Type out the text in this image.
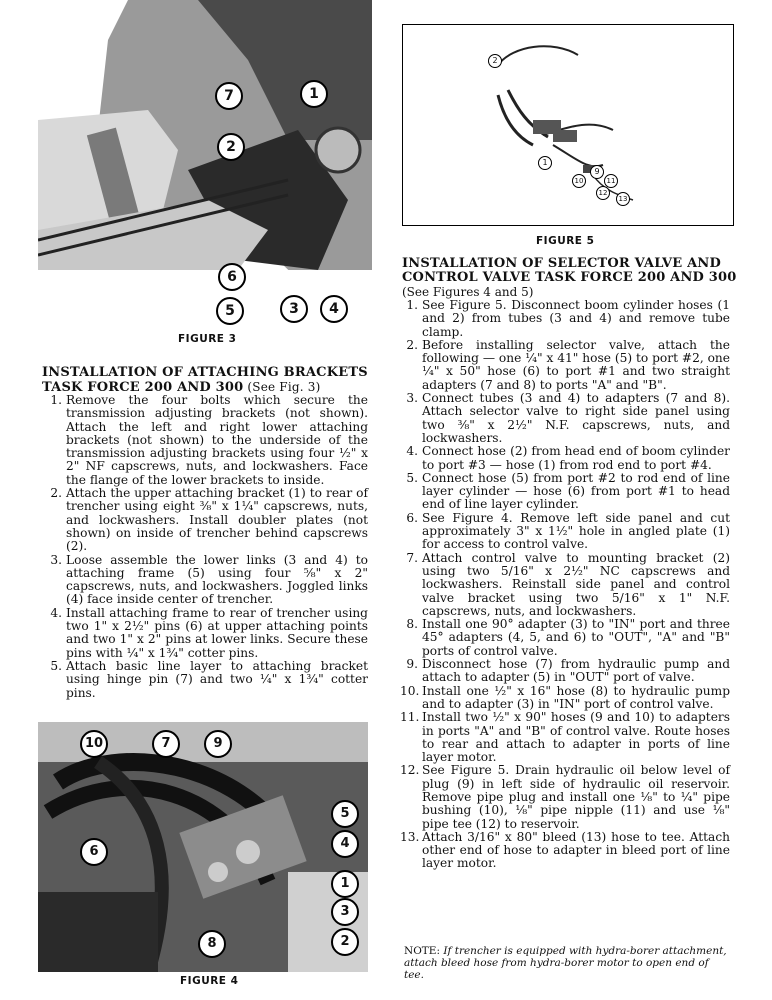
7	1
2
6
5	3	4
FIGURE 3
INSTALLATION OF ATTACHING BRACKETS
TASK FORCE 200 AND 300 (See Fig. 3)
1. Remove the four bolts which secure the transmission adjusting brackets (not shown). Attach the left and right lower attaching brackets (not shown) to the underside of the transmission adjusting brackets using four ½" x 2" NF capscrews, nuts, and lockwashers. Face the flange of the lower brackets to inside.
2. Attach the upper attaching bracket (1) to rear of trencher using eight ⅜" x 1¼" capscrews, nuts, and lockwashers. Install doubler plates (not shown) on inside of trencher behind capscrews (2).
3. Loose assemble the lower links (3 and 4) to attaching frame (5) using four ⅝" x 2" capscrews, nuts, and lockwashers. Joggled links (4) face inside center of trencher.
4. Install attaching frame to rear of trencher using two 1" x 2½" pins (6) at upper attaching points and two 1" x 2" pins at lower links. Secure these pins with ¼" x 1¾" cotter pins.
5. Attach basic line layer to attaching bracket using hinge pin (7) and two ¼" x 1¾" cotter pins.
10	7	9
5
4
6
1
3
2
8
FIGURE 4
2
1
9
10	11
12
13
FIGURE 5
INSTALLATION OF SELECTOR VALVE AND
CONTROL VALVE TASK FORCE 200 AND 300
(See Figures 4 and 5)
1. See Figure 5. Disconnect boom cylinder hoses (1 and 2) from tubes (3 and 4) and remove tube clamp.
2. Before installing selector valve, attach the following — one ¼" x 41" hose (5) to port #2, one ¼" x 50" hose (6) to port #1 and two straight adapters (7 and 8) to ports "A" and "B".
3. Connect tubes (3 and 4) to adapters (7 and 8). Attach selector valve to right side panel using two ⅜" x 2½" N.F. capscrews, nuts, and lockwashers.
4. Connect hose (2) from head end of boom cylinder to port #3 — hose (1) from rod end to port #4.
5. Connect hose (5) from port #2 to rod end of line layer cylinder — hose (6) from port #1 to head end of line layer cylinder.
6. See Figure 4. Remove left side panel and cut approximately 3" x 1½" hole in angled plate (1) for access to control valve.
7. Attach control valve to mounting bracket (2) using two 5/16" x 2½" NC capscrews and lockwashers. Reinstall side panel and control valve bracket using two 5/16" x 1" N.F. capscrews, nuts, and lockwashers.
8. Install one 90° adapter (3) to "IN" port and three 45° adapters (4, 5, and 6) to "OUT", "A" and "B" ports of control valve.
9. Disconnect hose (7) from hydraulic pump and attach to adapter (5) in "OUT" port of valve.
10. Install one ½" x 16" hose (8) to hydraulic pump and to adapter (3) in "IN" port of control valve.
11. Install two ½" x 90" hoses (9 and 10) to adapters in ports "A" and "B" of control valve. Route hoses to rear and attach to adapter in ports of line layer motor.
12. See Figure 5. Drain hydraulic oil below level of plug (9) in left side of hydraulic oil reservoir. Remove pipe plug and install one ⅛" to ¼" pipe bushing (10), ⅛" pipe nipple (11) and use ⅛" pipe tee (12) to reservoir.
13. Attach 3/16" x 80" bleed (13) hose to tee. Attach other end of hose to adapter in bleed port of line layer motor.
NOTE: If trencher is equipped with hydra-borer attachment, attach bleed hose from hydra-borer motor to open end of tee.
